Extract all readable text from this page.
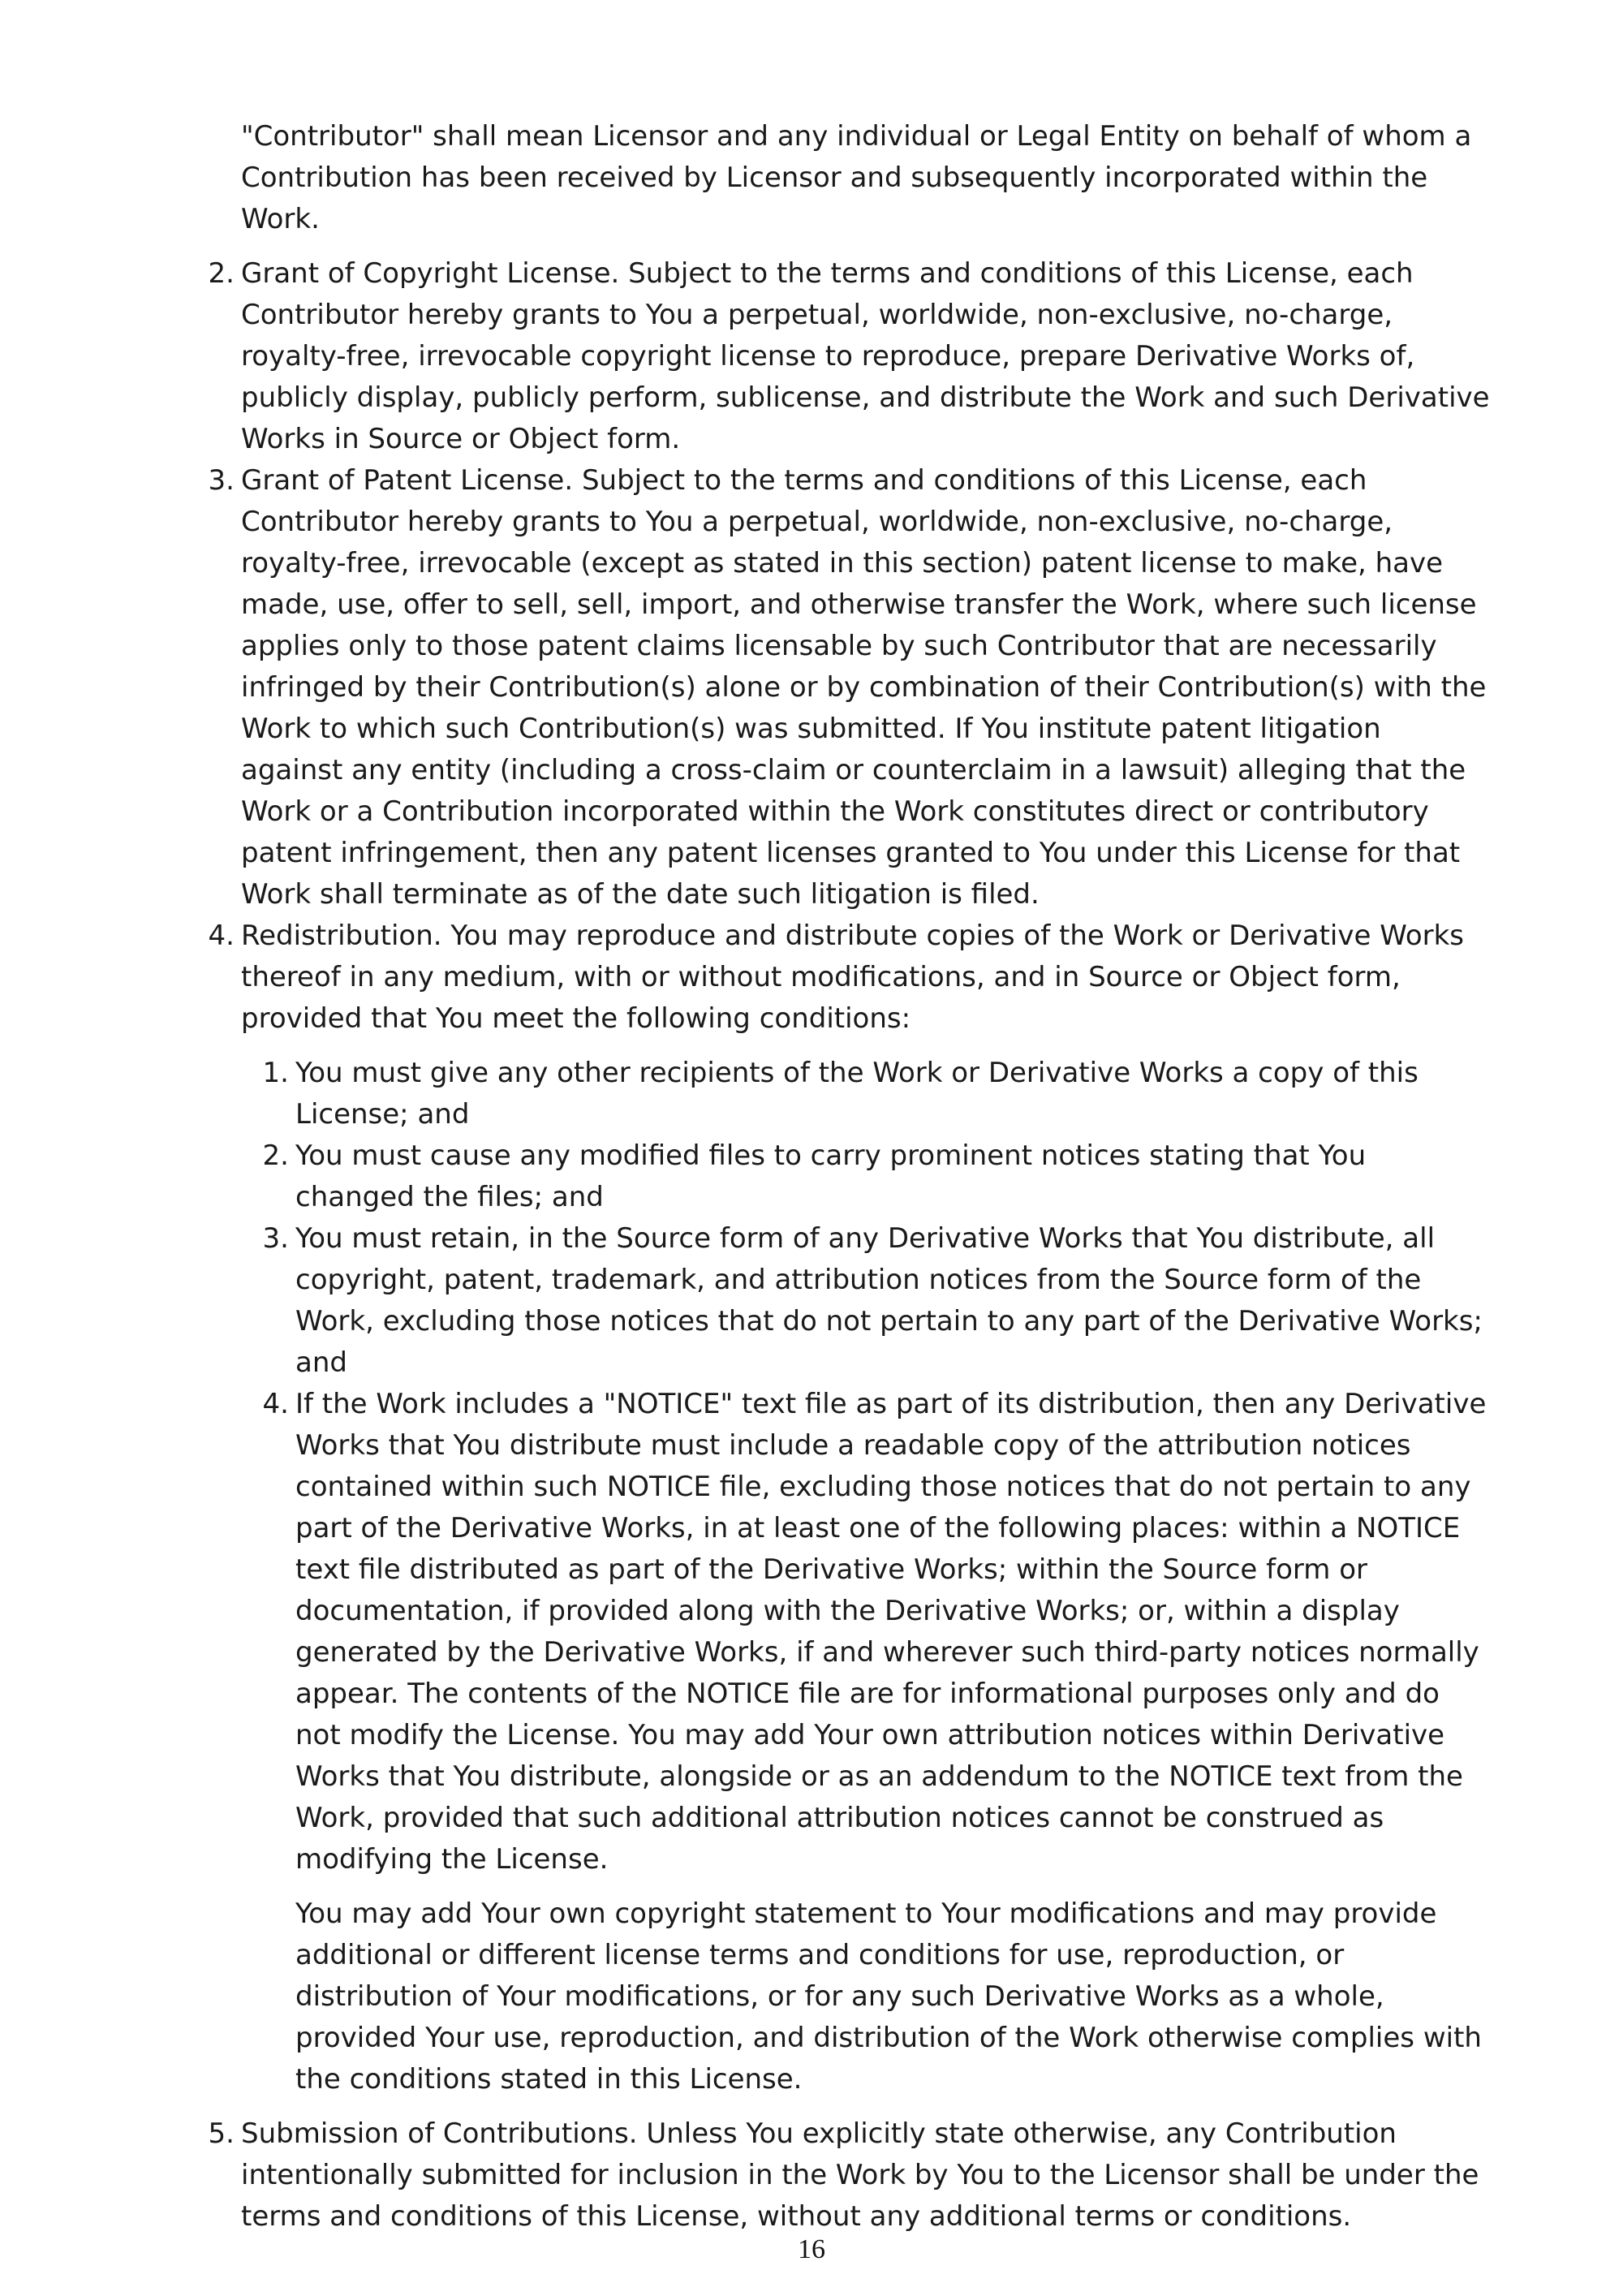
"Contributor" shall mean Licensor and any individual or Legal Entity on behalf of whom a Contribution has been received by Licensor and subsequently incorporated within the Work.

2. Grant of Copyright License. Subject to the terms and conditions of this License, each Contributor hereby grants to You a perpetual, worldwide, non-exclusive, no-charge, royalty-free, irrevocable copyright license to reproduce, prepare Derivative Works of, publicly display, publicly perform, sublicense, and distribute the Work and such Derivative Works in Source or Object form.
3. Grant of Patent License. Subject to the terms and conditions of this License, each Contributor hereby grants to You a perpetual, worldwide, non-exclusive, no-charge, royalty-free, irrevocable (except as stated in this section) patent license to make, have made, use, offer to sell, sell, import, and otherwise transfer the Work, where such license applies only to those patent claims licensable by such Contributor that are necessarily infringed by their Contribution(s) alone or by combination of their Contribution(s) with the Work to which such Contribution(s) was submitted. If You institute patent litigation against any entity (including a cross-claim or counterclaim in a lawsuit) alleging that the Work or a Contribution incorporated within the Work constitutes direct or contributory patent infringement, then any patent licenses granted to You under this License for that Work shall terminate as of the date such litigation is filed.
4. Redistribution. You may reproduce and distribute copies of the Work or Derivative Works thereof in any medium, with or without modifications, and in Source or Object form, provided that You meet the following conditions:
1. You must give any other recipients of the Work or Derivative Works a copy of this License; and
2. You must cause any modified files to carry prominent notices stating that You changed the files; and
3. You must retain, in the Source form of any Derivative Works that You distribute, all copyright, patent, trademark, and attribution notices from the Source form of the Work, excluding those notices that do not pertain to any part of the Derivative Works; and
4. If the Work includes a "NOTICE" text file as part of its distribution, then any Derivative Works that You distribute must include a readable copy of the attribution notices contained within such NOTICE file, excluding those notices that do not pertain to any part of the Derivative Works, in at least one of the following places: within a NOTICE text file distributed as part of the Derivative Works; within the Source form or documentation, if provided along with the Derivative Works; or, within a display generated by the Derivative Works, if and wherever such third-party notices normally appear. The contents of the NOTICE file are for informational purposes only and do not modify the License. You may add Your own attribution notices within Derivative Works that You distribute, alongside or as an addendum to the NOTICE text from the Work, provided that such additional attribution notices cannot be construed as modifying the License.

You may add Your own copyright statement to Your modifications and may provide additional or different license terms and conditions for use, reproduction, or distribution of Your modifications, or for any such Derivative Works as a whole, provided Your use, reproduction, and distribution of the Work otherwise complies with the conditions stated in this License.

5. Submission of Contributions. Unless You explicitly state otherwise, any Contribution intentionally submitted for inclusion in the Work by You to the Licensor shall be under the terms and conditions of this License, without any additional terms or conditions.
16
